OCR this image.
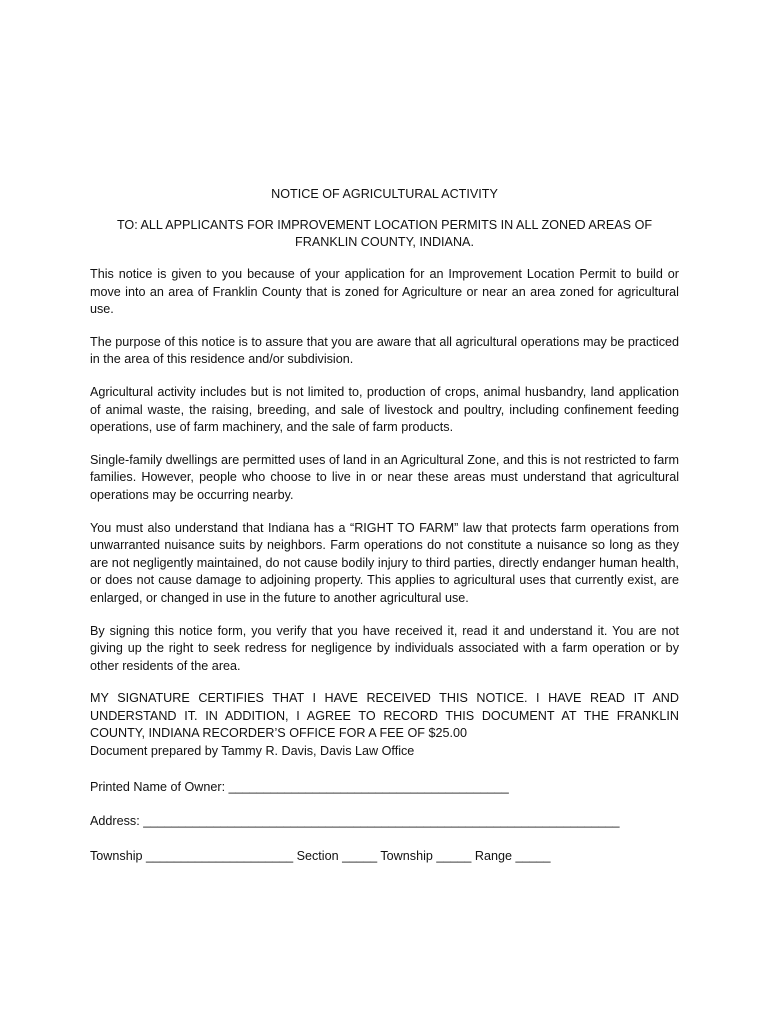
NOTICE OF AGRICULTURAL ACTIVITY
TO: ALL APPLICANTS FOR IMPROVEMENT LOCATION PERMITS IN ALL ZONED AREAS OF FRANKLIN COUNTY, INDIANA.

This notice is given to you because of your application for an Improvement Location Permit to build or move into an area of Franklin County that is zoned for Agriculture or near an area zoned for agricultural use.

The purpose of this notice is to assure that you are aware that all agricultural operations may be practiced in the area of this residence and/or subdivision.

Agricultural activity includes but is not limited to, production of crops, animal husbandry, land application of animal waste, the raising, breeding, and sale of livestock and poultry, including confinement feeding operations, use of farm machinery, and the sale of farm products.

Single-family dwellings are permitted uses of land in an Agricultural Zone, and this is not restricted to farm families. However, people who choose to live in or near these areas must understand that agricultural operations may be occurring nearby.

You must also understand that Indiana has a “RIGHT TO FARM” law that protects farm operations from unwarranted nuisance suits by neighbors. Farm operations do not constitute a nuisance so long as they are not negligently maintained, do not cause bodily injury to third parties, directly endanger human health, or does not cause damage to adjoining property. This applies to agricultural uses that currently exist, are enlarged, or changed in use in the future to another agricultural use.

By signing this notice form, you verify that you have received it, read it and understand it. You are not giving up the right to seek redress for negligence by individuals associated with a farm operation or by other residents of the area.

MY SIGNATURE CERTIFIES THAT I HAVE RECEIVED THIS NOTICE. I HAVE READ IT AND UNDERSTAND IT. IN ADDITION, I AGREE TO RECORD THIS DOCUMENT AT THE FRANKLIN COUNTY, INDIANA RECORDER’S OFFICE FOR A FEE OF $25.00

Document prepared by Tammy R. Davis, Davis Law Office

Printed Name of Owner: ________________________________________
Address: ____________________________________________________________________
Township _____________________ Section _____ Township _____ Range _____
